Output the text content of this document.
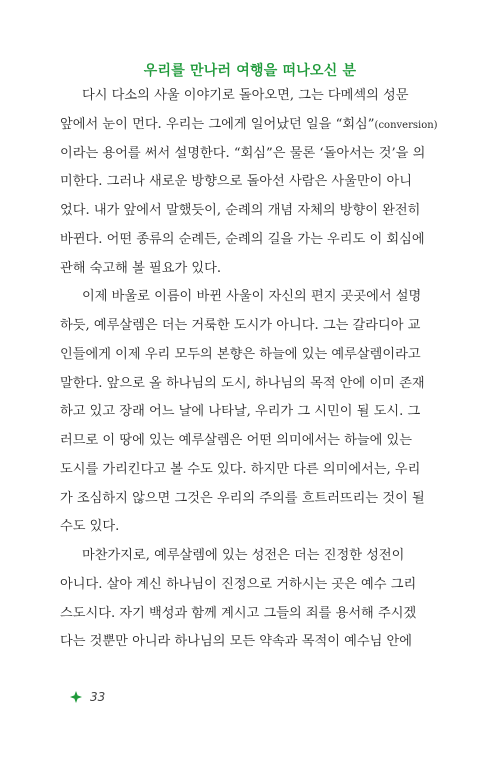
우리를 만나러 여행을 떠나오신 분
다시 다소의 사울 이야기로 돌아오면, 그는 다메섹의 성문
앞에서 눈이 먼다. 우리는 그에게 일어났던 일을 “회심”(conversion)
이라는 용어를 써서 설명한다. “회심”은 물론 ‘돌아서는 것’을 의
미한다. 그러나 새로운 방향으로 돌아선 사람은 사울만이 아니
었다. 내가 앞에서 말했듯이, 순례의 개념 자체의 방향이 완전히
바뀐다. 어떤 종류의 순례든, 순례의 길을 가는 우리도 이 회심에
관해 숙고해 볼 필요가 있다.
이제 바울로 이름이 바뀐 사울이 자신의 편지 곳곳에서 설명
하듯, 예루살렘은 더는 거룩한 도시가 아니다. 그는 갈라디아 교
인들에게 이제 우리 모두의 본향은 하늘에 있는 예루살렘이라고
말한다. 앞으로 올 하나님의 도시, 하나님의 목적 안에 이미 존재
하고 있고 장래 어느 날에 나타날, 우리가 그 시민이 될 도시. 그
러므로 이 땅에 있는 예루살렘은 어떤 의미에서는 하늘에 있는
도시를 가리킨다고 볼 수도 있다. 하지만 다른 의미에서는, 우리
가 조심하지 않으면 그것은 우리의 주의를 흐트러뜨리는 것이 될
수도 있다.
마찬가지로, 예루살렘에 있는 성전은 더는 진정한 성전이
아니다. 살아 계신 하나님이 진정으로 거하시는 곳은 예수 그리
스도시다. 자기 백성과 함께 계시고 그들의 죄를 용서해 주시겠
다는 것뿐만 아니라 하나님의 모든 약속과 목적이 예수님 안에
33
